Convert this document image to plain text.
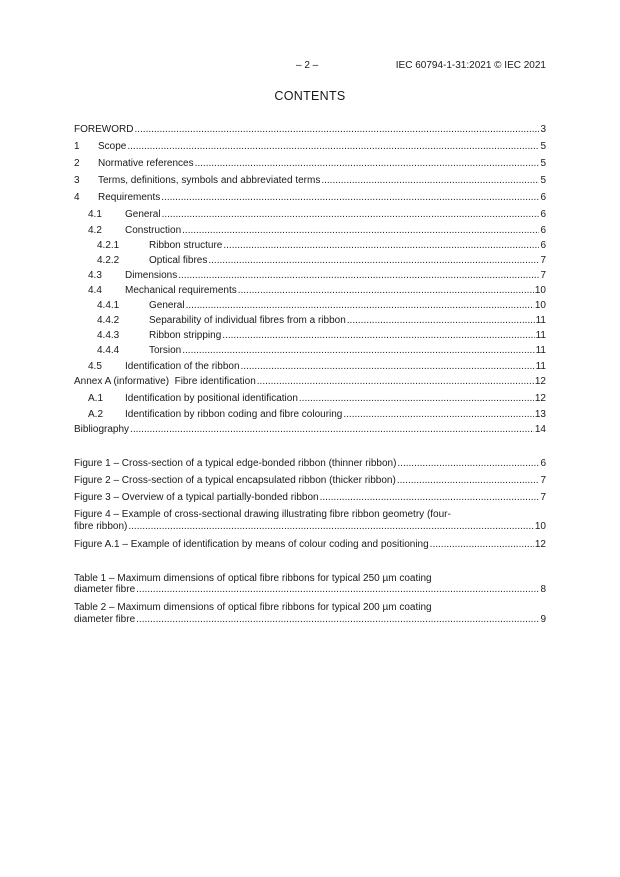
– 2 –	IEC 60794-1-31:2021 © IEC 2021
CONTENTS
FOREWORD .....	3
1	Scope .....	5
2	Normative references .....	5
3	Terms, definitions, symbols and abbreviated terms .....	5
4	Requirements .....	6
4.1	General .....	6
4.2	Construction .....	6
4.2.1	Ribbon structure .....	6
4.2.2	Optical fibres .....	7
4.3	Dimensions .....	7
4.4	Mechanical requirements .....	10
4.4.1	General .....	10
4.4.2	Separability of individual fibres from a ribbon .....	11
4.4.3	Ribbon stripping .....	11
4.4.4	Torsion .....	11
4.5	Identification of the ribbon .....	11
Annex A (informative)  Fibre identification .....	12
A.1	Identification by positional identification .....	12
A.2	Identification by ribbon coding and fibre colouring .....	13
Bibliography .....	14
Figure 1 – Cross-section of a typical edge-bonded ribbon (thinner ribbon) .....	6
Figure 2 – Cross-section of a typical encapsulated ribbon (thicker ribbon) .....	7
Figure 3 – Overview of a typical partially-bonded ribbon .....	7
Figure 4 – Example of cross-sectional drawing illustrating fibre ribbon geometry (four-
fibre ribbon) .....	10
Figure A.1 – Example of identification by means of colour coding and positioning .....	12
Table 1 – Maximum dimensions of optical fibre ribbons for typical 250 µm coating
diameter fibre .....	8
Table 2 – Maximum dimensions of optical fibre ribbons for typical 200 µm coating
diameter fibre .....	9
